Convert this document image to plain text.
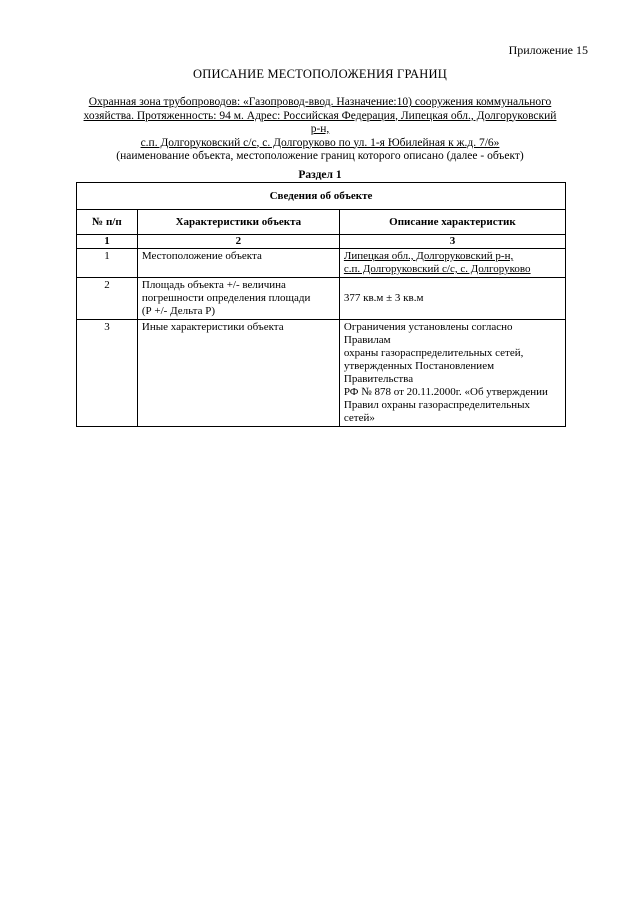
Приложение 15
ОПИСАНИЕ МЕСТОПОЛОЖЕНИЯ ГРАНИЦ
Охранная зона трубопроводов: «Газопровод-ввод. Назначение:10) сооружения коммунального
хозяйства. Протяженность: 94 м. Адрес: Российская Федерация, Липецкая обл., Долгоруковский р-н,
с.п. Долгоруковский с/с, с. Долгоруково по ул. 1-я Юбилейная к ж.д. 7/6»
(наименование объекта, местоположение границ которого описано (далее - объект)
Раздел 1
Сведения об объекте		
№ п/п	Характеристики объекта	Описание характеристик
1	2	3
1	Местоположение объекта	Липецкая обл., Долгоруковский р-н,
с.п. Долгоруковский с/с, с. Долгоруково

2	Площадь объекта +/- величина
погрешности определения площади
(Р +/- Дельта Р)	377 кв.м ± 3 кв.м

3	Иные характеристики объекта	Ограничения установлены согласно Правилам
охраны газораспределительных сетей,
утвержденных Постановлением Правительства
РФ № 878 от 20.11.2000г. «Об утверждении
Правил охраны газораспределительных сетей»
